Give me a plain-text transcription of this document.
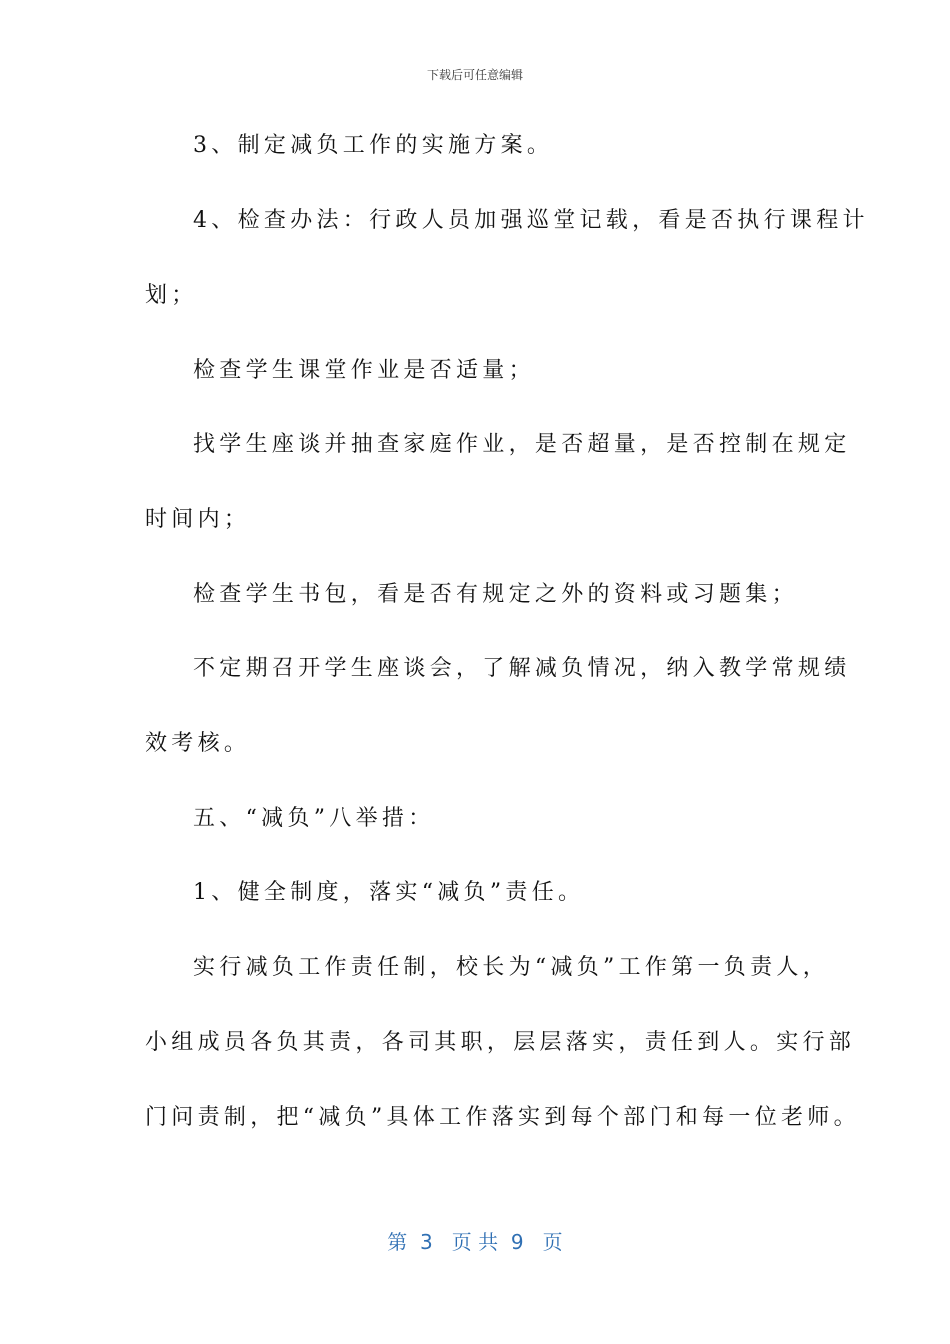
下载后可任意编辑
3、制定减负工作的实施方案。
4、检查办法：行政人员加强巡堂记载，看是否执行课程计
划；
检查学生课堂作业是否适量；
找学生座谈并抽查家庭作业，是否超量，是否控制在规定
时间内；
检查学生书包，看是否有规定之外的资料或习题集；
不定期召开学生座谈会，了解减负情况，纳入教学常规绩
效考核。
五、“减负”八举措：
1、健全制度，落实“减负”责任。
实行减负工作责任制，校长为“减负”工作第一负责人，
小组成员各负其责，各司其职，层层落实，责任到人。实行部
门问责制，把“减负”具体工作落实到每个部门和每一位老师。
第  3   页 共  9   页
